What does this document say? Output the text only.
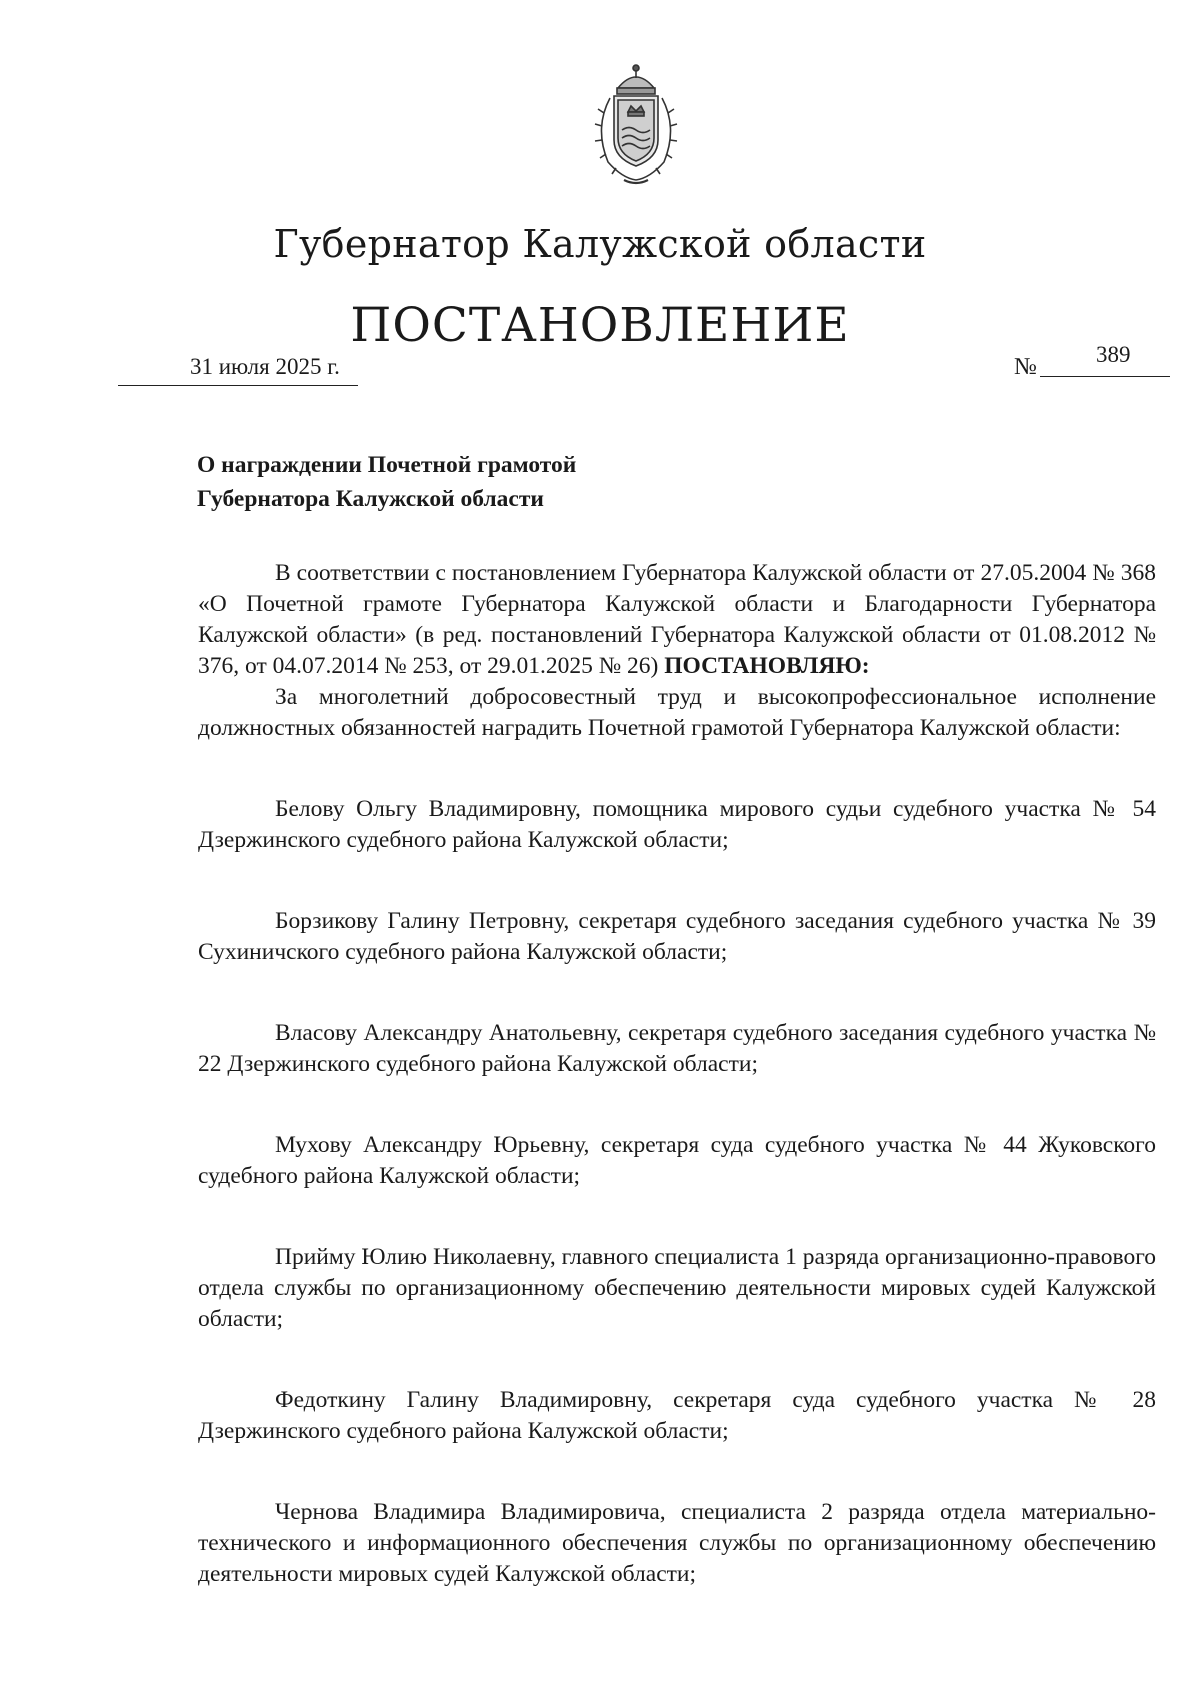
Губернатор Калужской области
ПОСТАНОВЛЕНИЕ
31 июля 2025 г.	№	389
О награждении Почетной грамотой
Губернатора Калужской области

В соответствии с постановлением Губернатора Калужской области от 27.05.2004 № 368 «О Почетной грамоте Губернатора Калужской области и Благодарности Губернатора Калужской области» (в ред. постановлений Губернатора Калужской области от 01.08.2012 № 376, от 04.07.2014 № 253, от 29.01.2025 № 26) ПОСТАНОВЛЯЮ:

За многолетний добросовестный труд и высокопрофессиональное исполнение должностных обязанностей наградить Почетной грамотой Губернатора Калужской области:

Белову Ольгу Владимировну, помощника мирового судьи судебного участка № 54 Дзержинского судебного района Калужской области;

Борзикову Галину Петровну, секретаря судебного заседания судебного участка № 39 Сухиничского судебного района Калужской области;

Власову Александру Анатольевну, секретаря судебного заседания судебного участка № 22 Дзержинского судебного района Калужской области;

Мухову Александру Юрьевну, секретаря суда судебного участка № 44 Жуковского судебного района Калужской области;

Прийму Юлию Николаевну, главного специалиста 1 разряда организационно-правового отдела службы по организационному обеспечению деятельности мировых судей Калужской области;

Федоткину Галину Владимировну, секретаря суда судебного участка № 28 Дзержинского судебного района Калужской области;

Чернова Владимира Владимировича, специалиста 2 разряда отдела материально-технического и информационного обеспечения службы по организационному обеспечению деятельности мировых судей Калужской области;
